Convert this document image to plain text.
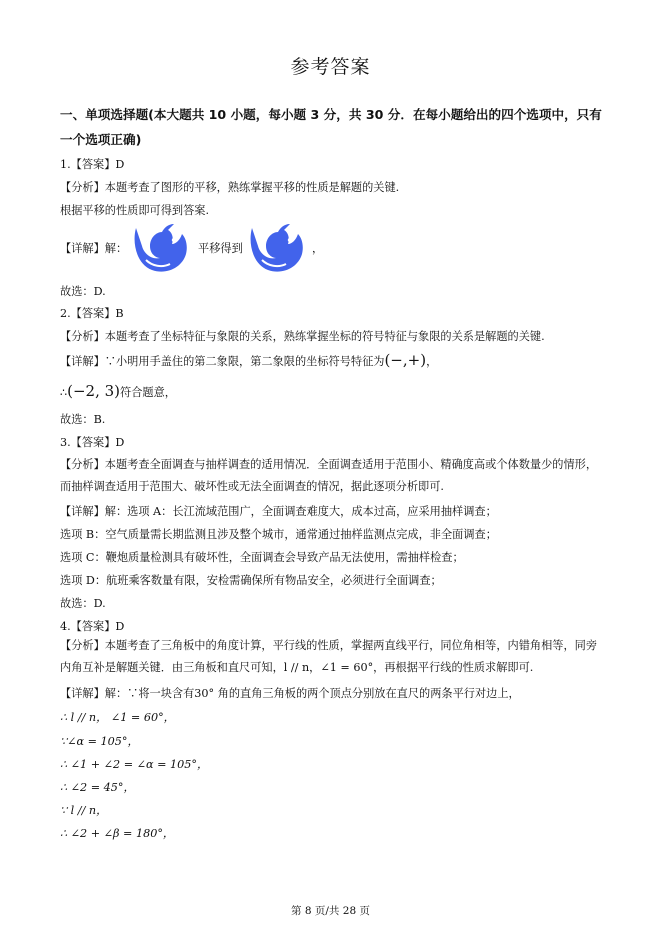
参考答案
一、单项选择题(本大题共 10 小题，每小题 3 分，共 30 分．在每小题给出的四个选项中，只有一个选项正确)
1.【答案】D
【分析】本题考查了图形的平移，熟练掌握平移的性质是解题的关键.
根据平移的性质即可得到答案.
【详解】解：	平移得到	，
故选：D.
2.【答案】B
【分析】本题考查了坐标特征与象限的关系，熟练掌握坐标的符号特征与象限的关系是解题的关键.
【详解】∵小明用手盖住的第二象限，第二象限的坐标符号特征为(−,+)，
∴(−2, 3)符合题意，
故选：B.
3.【答案】D
【分析】本题考查全面调查与抽样调查的适用情况．全面调查适用于范围小、精确度高或个体数量少的情形，而抽样调查适用于范围大、破坏性或无法全面调查的情况，据此逐项分析即可.
【详解】解：选项 A：长江流域范围广，全面调查难度大，成本过高，应采用抽样调查；
选项 B：空气质量需长期监测且涉及整个城市，通常通过抽样监测点完成，非全面调查；
选项 C：鞭炮质量检测具有破坏性，全面调查会导致产品无法使用，需抽样检查；
选项 D：航班乘客数量有限，安检需确保所有物品安全，必须进行全面调查；
故选：D.
4.【答案】D
【分析】本题考查了三角板中的角度计算，平行线的性质，掌握两直线平行，同位角相等，内错角相等，同旁内角互补是解题关键．由三角板和直尺可知，l // n，∠1 = 60°，再根据平行线的性质求解即可.
【详解】解：∵将一块含有30° 角的直角三角板的两个顶点分别放在直尺的两条平行对边上，
∴ l // n， ∠1 = 60°，
∵∠α = 105°，
∴ ∠1 + ∠2 = ∠α = 105°，
∴ ∠2 = 45°，
∵ l // n，
∴ ∠2 + ∠β = 180°，
第 8 页/共 28 页
